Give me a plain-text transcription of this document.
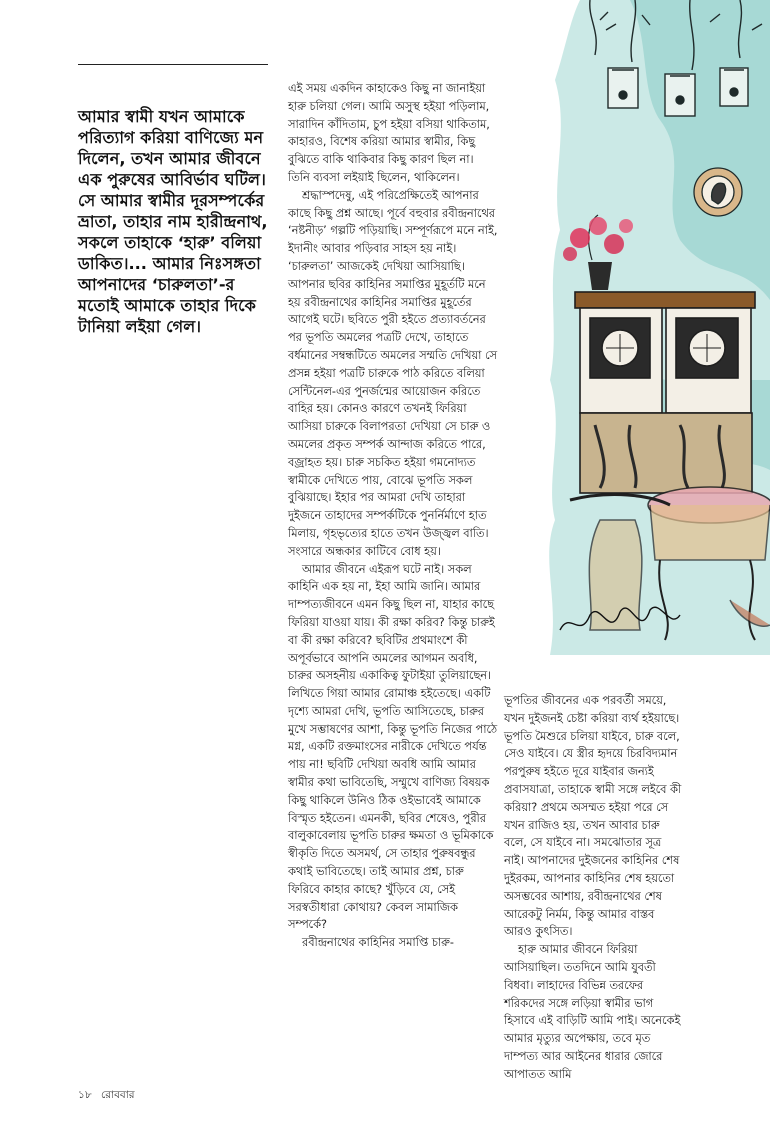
আমার স্বামী যখন আমাকে পরিত্যাগ করিয়া বাণিজ্যে মন দিলেন, তখন আমার জীবনে এক পুরুষের আবির্ভাব ঘটিল। সে আমার স্বামীর দূরসম্পর্কের ভ্রাতা, তাহার নাম হারীন্দ্রনাথ, সকলে তাহাকে ‘হারু’ বলিয়া ডাকিত।... আমার নিঃসঙ্গতা আপনাদের ‘চারুলতা’-র মতোই আমাকে তাহার দিকে টানিয়া লইয়া গেল।

এই সময় একদিন কাহাকেও কিছু না জানাইয়া হারু চলিয়া গেল। আমি অসুস্থ হইয়া পড়িলাম, সারাদিন কাঁদিতাম, চুপ হইয়া বসিয়া থাকিতাম, কাহারও, বিশেষ করিয়া আমার স্বামীর, কিছু বুঝিতে বাকি থাকিবার কিছু কারণ ছিল না। তিনি ব্যবসা লইয়াই ছিলেন, থাকিলেন।

শ্রদ্ধাস্পদেষু, এই পরিপ্রেক্ষিতেই আপনার কাছে কিছু প্রশ্ন আছে। পূর্বে বহুবার রবীন্দ্রনাথের ‘নষ্টনীড়’ গল্পটি পড়িয়াছি। সম্পূর্ণরূপে মনে নাই, ইদানীং আবার পড়িবার সাহস হয় নাই। ‘চারুলতা’ আজকেই দেখিয়া আসিয়াছি। আপনার ছবির কাহিনির সমাপ্তির মুহূর্তটি মনে হয় রবীন্দ্রনাথের কাহিনির সমাপ্তির মুহূর্তের আগেই ঘটে। ছবিতে পুরী হইতে প্রত্যাবর্তনের পর ভূপতি অমলের পত্রটি দেখে, তাহাতে বর্ধমানের সম্বন্ধটিতে অমলের সম্মতি দেখিয়া সে প্রসন্ন হইয়া পত্রটি চারুকে পাঠ করিতে বলিয়া সেন্টিনেল-এর পুনর্জন্মের আয়োজন করিতে বাহির হয়। কোনও কারণে তখনই ফিরিয়া আসিয়া চারুকে বিলাপরতা দেখিয়া সে চারু ও অমলের প্রকৃত সম্পর্ক আন্দাজ করিতে পারে, বজ্রাহত হয়। চারু সচকিত হইয়া গমনোদ্যত স্বামীকে দেখিতে পায়, বোঝে ভূপতি সকল বুঝিয়াছে। ইহার পর আমরা দেখি তাহারা দুইজনে তাহাদের সম্পর্কটিকে পুনর্নির্মাণে হাত মিলায়, গৃহভৃত্যের হাতে তখন উজ্জ্বল বাতি। সংসারে অন্ধকার কাটিবে বোধ হয়।

আমার জীবনে এইরূপ ঘটে নাই। সকল কাহিনি এক হয় না, ইহা আমি জানি। আমার দাম্পত্যজীবনে এমন কিছু ছিল না, যাহার কাছে ফিরিয়া যাওয়া যায়। কী রক্ষা করিব? কিন্তু চারুই বা কী রক্ষা করিবে? ছবিটির প্রথমাংশে কী অপূর্বভাবে আপনি অমলের আগমন অবধি, চারুর অসহনীয় একাকিত্ব ফুটাইয়া তুলিয়াছেন। লিখিতে গিয়া আমার রোমাঞ্চ হইতেছে। একটি দৃশ্যে আমরা দেখি, ভূপতি আসিতেছে, চারুর মুখে সম্ভাষণের আশা, কিন্তু ভূপতি নিজের পাঠে মগ্ন, একটি রক্তমাংসের নারীকে দেখিতে পর্যন্ত পায় না! ছবিটি দেখিয়া অবধি আমি আমার স্বামীর কথা ভাবিতেছি, সম্মুখে বাণিজ্য বিষয়ক কিছু থাকিলে উনিও ঠিক ওইভাবেই আমাকে বিস্মৃত হইতেন। এমনকী, ছবির শেষেও, পুরীর বালুকাবেলায় ভূপতি চারুর ক্ষমতা ও ভূমিকাকে স্বীকৃতি দিতে অসমর্থ, সে তাহার পুরুষবন্ধুর কথাই ভাবিতেছে। তাই আমার প্রশ্ন, চারু ফিরিবে কাহার কাছে? খুঁড়িবে যে, সেই সরস্বতীধারা কোথায়? কেবল সামাজিক সম্পর্কে?

রবীন্দ্রনাথের কাহিনির সমাপ্তি চারু-

ভূপতির জীবনের এক পরবর্তী সময়ে, যখন দুইজনই চেষ্টা করিয়া ব্যর্থ হইয়াছে। ভূপতি মৈশুরে চলিয়া যাইবে, চারু বলে, সেও যাইবে। যে স্ত্রীর হৃদয়ে চিরবিদ্যমান পরপুরুষ হইতে দূরে যাইবার জন্যই প্রবাসযাত্রা, তাহাকে স্বামী সঙ্গে লইবে কী করিয়া? প্রথমে অসম্মত হইয়া পরে সে যখন রাজিও হয়, তখন আবার চারু বলে, সে যাইবে না। সমঝোতার সূত্র নাই। আপনাদের দুইজনের কাহিনির শেষ দুইরকম, আপনার কাহিনির শেষ হয়তো অসম্ভবের আশায়, রবীন্দ্রনাথের শেষ আরেকটু নির্মম, কিন্তু আমার বাস্তব আরও কুৎসিত।

হারু আমার জীবনে ফিরিয়া আসিয়াছিল। ততদিনে আমি যুবতী বিধবা। লাহাদের বিভিন্ন তরফের শরিকদের সঙ্গে লড়িয়া স্বামীর ভাগ হিসাবে এই বাড়িটি আমি পাই। অনেকেই আমার মৃত্যুর অপেক্ষায়, তবে মৃত দাম্পত্য আর আইনের ধারার জোরে আপাতত আমি

১৮ রোববার
